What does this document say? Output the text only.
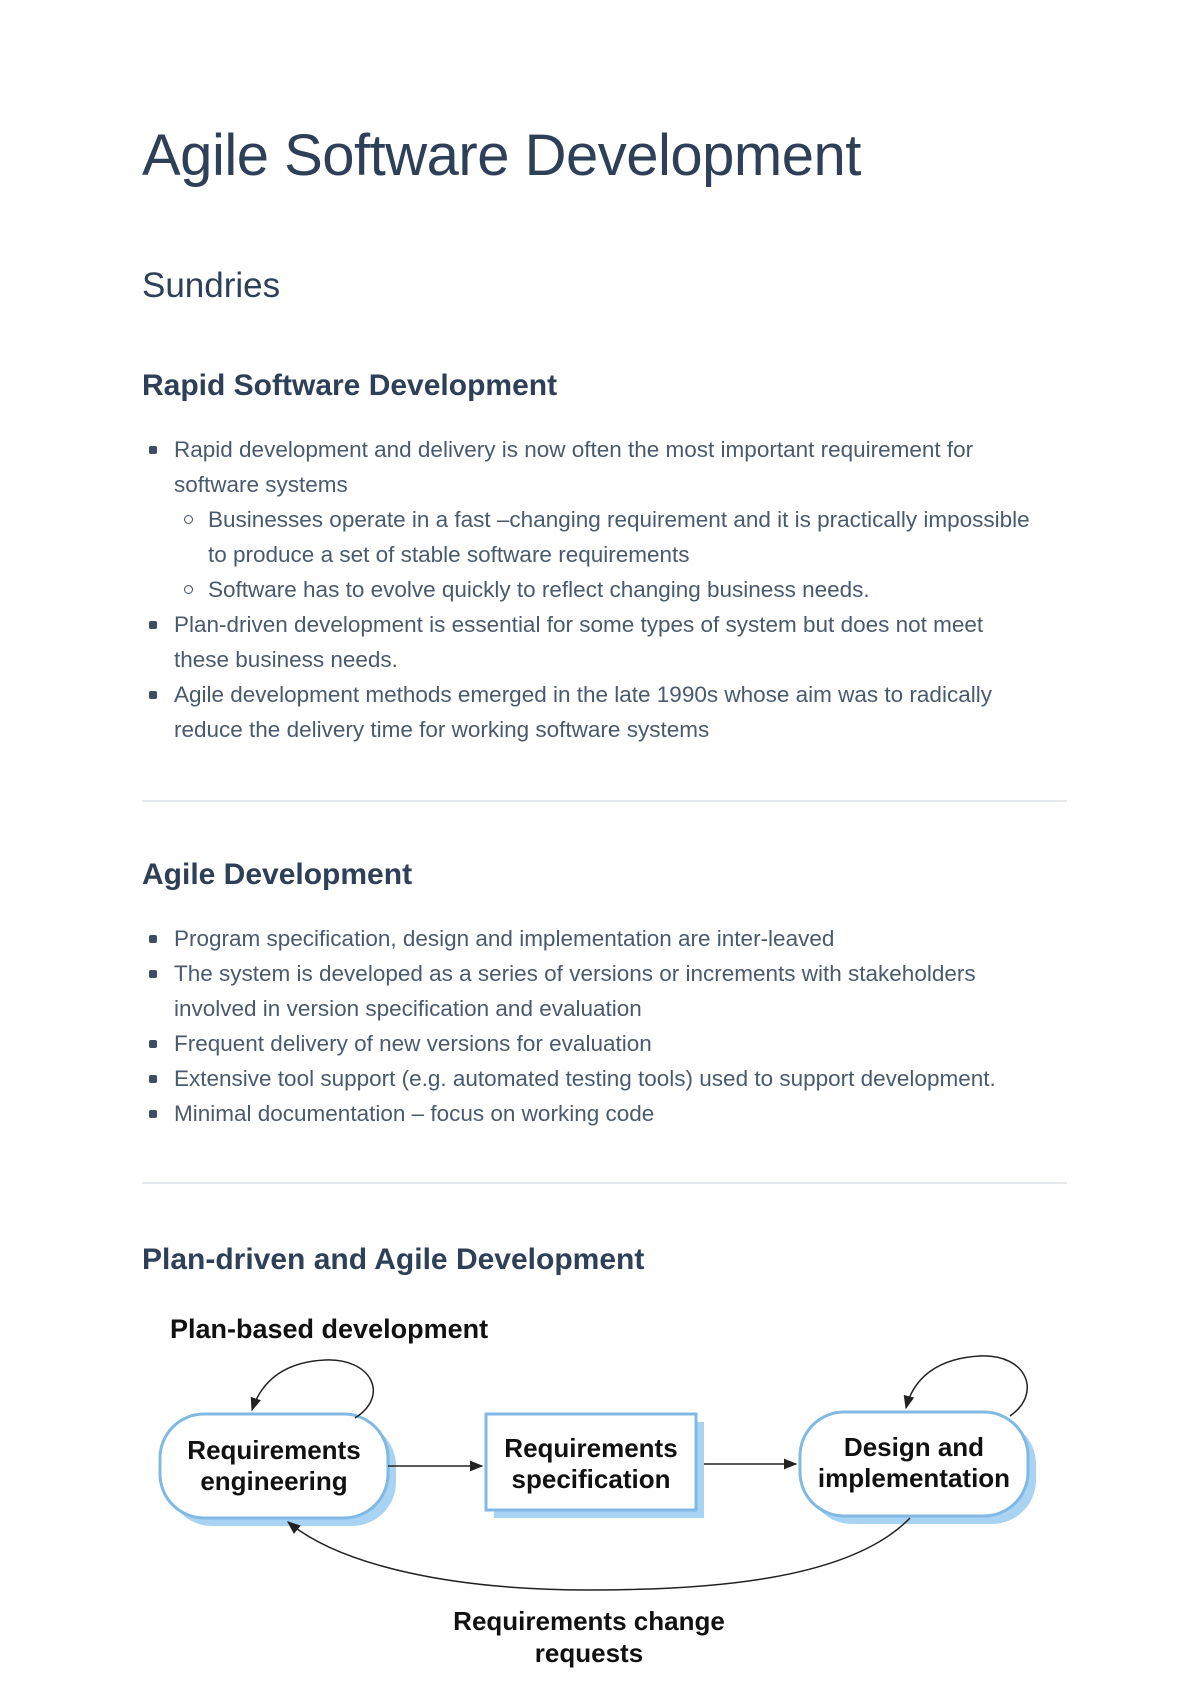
Agile Software Development
Sundries
Rapid Software Development
Rapid development and delivery is now often the most important requirement for
software systems
Businesses operate in a fast –changing requirement and it is practically impossible
to produce a set of stable software requirements
Software has to evolve quickly to reflect changing business needs.
Plan-driven development is essential for some types of system but does not meet
these business needs.
Agile development methods emerged in the late 1990s whose aim was to radically
reduce the delivery time for working software systems
Agile Development
Program specification, design and implementation are inter-leaved
The system is developed as a series of versions or increments with stakeholders
involved in version specification and evaluation
Frequent delivery of new versions for evaluation
Extensive tool support (e.g. automated testing tools) used to support development.
Minimal documentation – focus on working code
Plan-driven and Agile Development
Plan-based development
Requirements
engineering
Requirements
specification
Design and
implementation
Requirements change
requests
